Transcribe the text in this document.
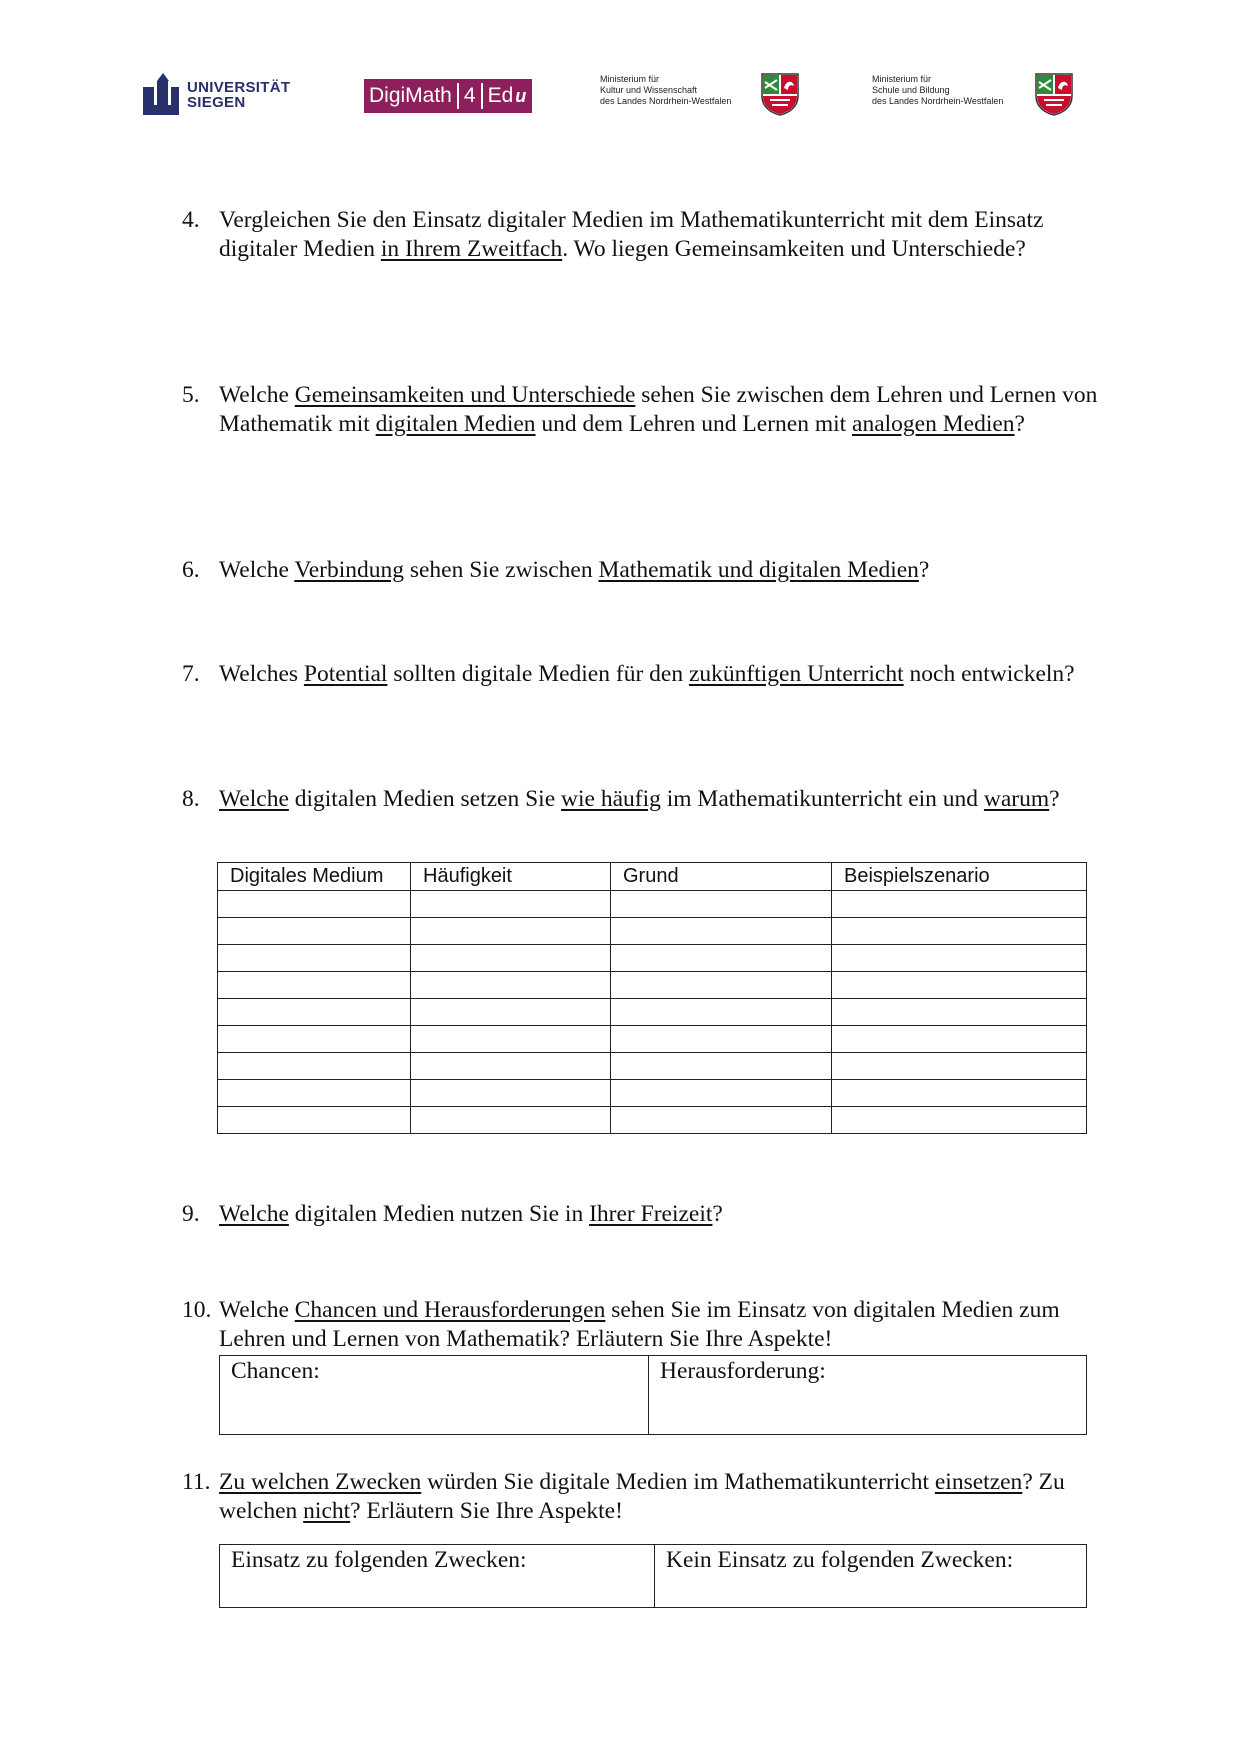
UNIVERSITÄT
SIEGEN	DigiMath 4 Ed u
Ministerium für
Kultur und Wissenschaft
des Landes Nordrhein-Westfalen
Ministerium für
Schule und Bildung
des Landes Nordrhein-Westfalen
4. Vergleichen Sie den Einsatz digitaler Medien im Mathematikunterricht mit dem Einsatz digitaler Medien in Ihrem Zweitfach. Wo liegen Gemeinsamkeiten und Unterschiede?
5. Welche Gemeinsamkeiten und Unterschiede sehen Sie zwischen dem Lehren und Lernen von Mathematik mit digitalen Medien und dem Lehren und Lernen mit analogen Medien?
6. Welche Verbindung sehen Sie zwischen Mathematik und digitalen Medien?
7. Welches Potential sollten digitale Medien für den zukünftigen Unterricht noch entwickeln?
8. Welche digitalen Medien setzen Sie wie häufig im Mathematikunterricht ein und warum?
Digitales Medium	Häufigkeit	Grund	Beispielszenario

9. Welche digitalen Medien nutzen Sie in Ihrer Freizeit?
10. Welche Chancen und Herausforderungen sehen Sie im Einsatz von digitalen Medien zum Lehren und Lernen von Mathematik? Erläutern Sie Ihre Aspekte!
Chancen:	Herausforderung:
11. Zu welchen Zwecken würden Sie digitale Medien im Mathematikunterricht einsetzen? Zu welchen nicht? Erläutern Sie Ihre Aspekte!
Einsatz zu folgenden Zwecken:	Kein Einsatz zu folgenden Zwecken:
